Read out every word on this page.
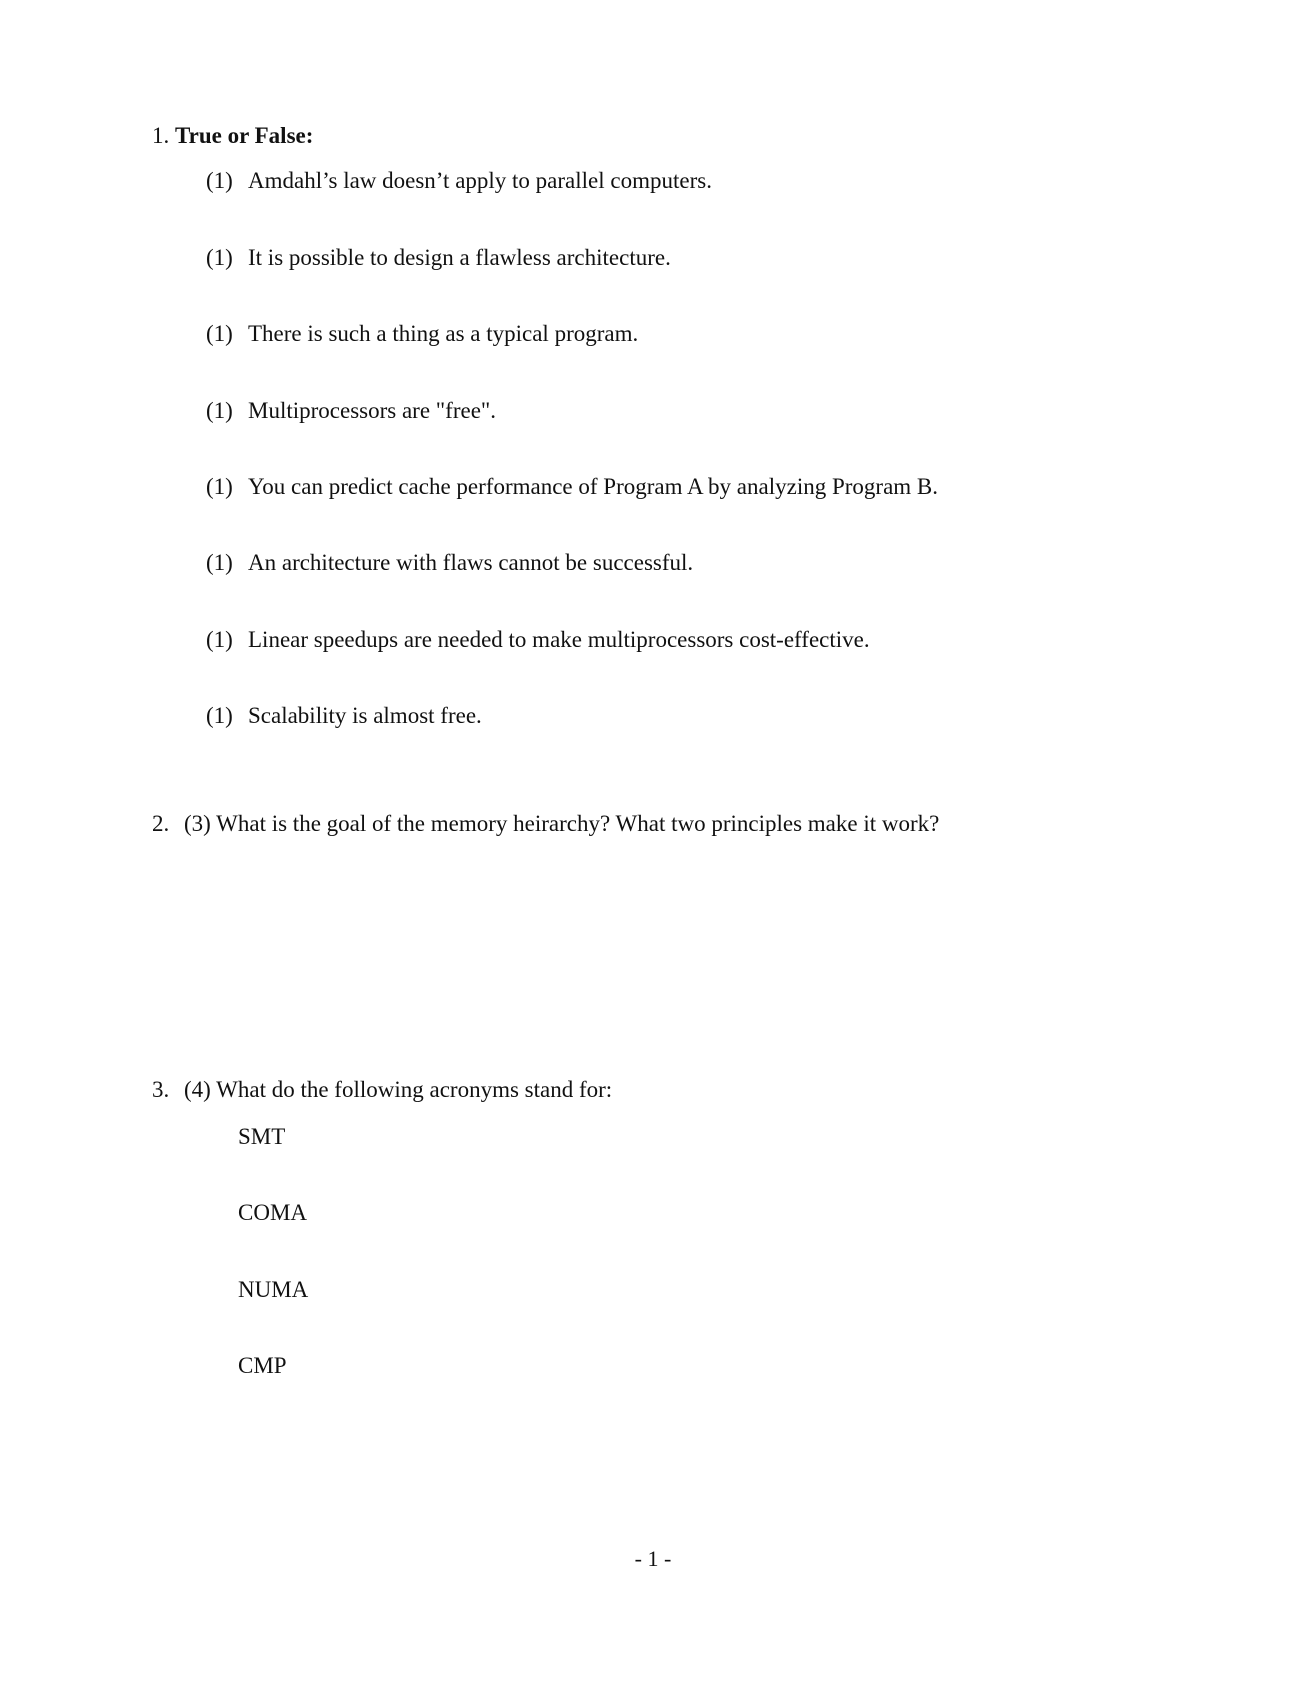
1. True or False:
(1) Amdahl’s law doesn’t apply to parallel computers.
(1) It is possible to design a flawless architecture.
(1) There is such a thing as a typical program.
(1) Multiprocessors are "free".
(1) You can predict cache performance of Program A by analyzing Program B.
(1) An architecture with flaws cannot be successful.
(1) Linear speedups are needed to make multiprocessors cost-effective.
(1) Scalability is almost free.
2. (3) What is the goal of the memory heirarchy? What two principles make it work?
3. (4) What do the following acronyms stand for:
SMT
COMA
NUMA
CMP
- 1 -
